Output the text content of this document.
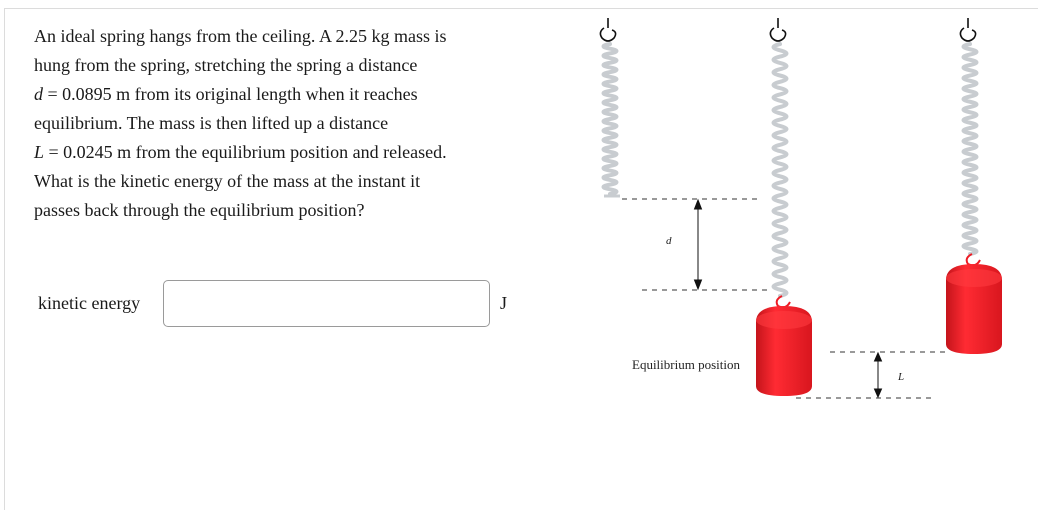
An ideal spring hangs from the ceiling. A 2.25 kg mass is

hung from the spring, stretching the spring a distance

d = 0.0895 m from its original length when it reaches

equilibrium. The mass is then lifted up a distance

L = 0.0245 m from the equilibrium position and released.

What is the kinetic energy of the mass at the instant it

passes back through the equilibrium position?

kinetic energy	J
d
L
Equilibrium position
